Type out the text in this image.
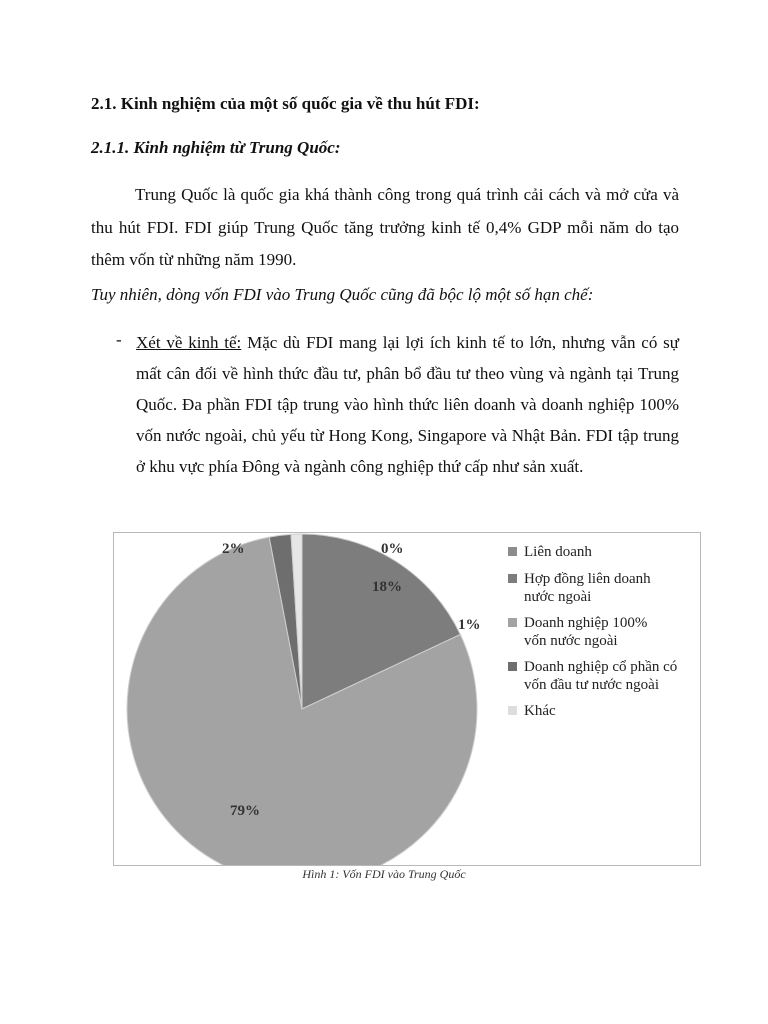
2.1. Kinh nghiệm của một số quốc gia về thu hút FDI:

2.1.1. Kinh nghiệm từ Trung Quốc:

Trung Quốc là quốc gia khá thành công trong quá trình cải cách và mở cửa và thu hút FDI. FDI giúp Trung Quốc tăng trưởng kinh tế 0,4% GDP mỗi năm do tạo thêm vốn từ những năm 1990.

Tuy nhiên, dòng vốn FDI vào Trung Quốc cũng đã bộc lộ một số hạn chế:

- Xét về kinh tế: Mặc dù FDI mang lại lợi ích kinh tế to lớn, nhưng vẫn có sự mất cân đối về hình thức đầu tư, phân bổ đầu tư theo vùng và ngành tại Trung Quốc. Đa phần FDI tập trung vào hình thức liên doanh và doanh nghiệp 100% vốn nước ngoài, chủ yếu từ Hong Kong, Singapore và Nhật Bản. FDI tập trung ở khu vực phía Đông và ngành công nghiệp thứ cấp như sản xuất.

0%
18%
79%
2%
1%
Liên doanh
Hợp đồng liên doanh
nước ngoài
Doanh nghiệp 100%
vốn nước ngoài
Doanh nghiệp cổ phần có
vốn đầu tư nước ngoài
Khác
Hình 1: Vốn FDI vào Trung Quốc
